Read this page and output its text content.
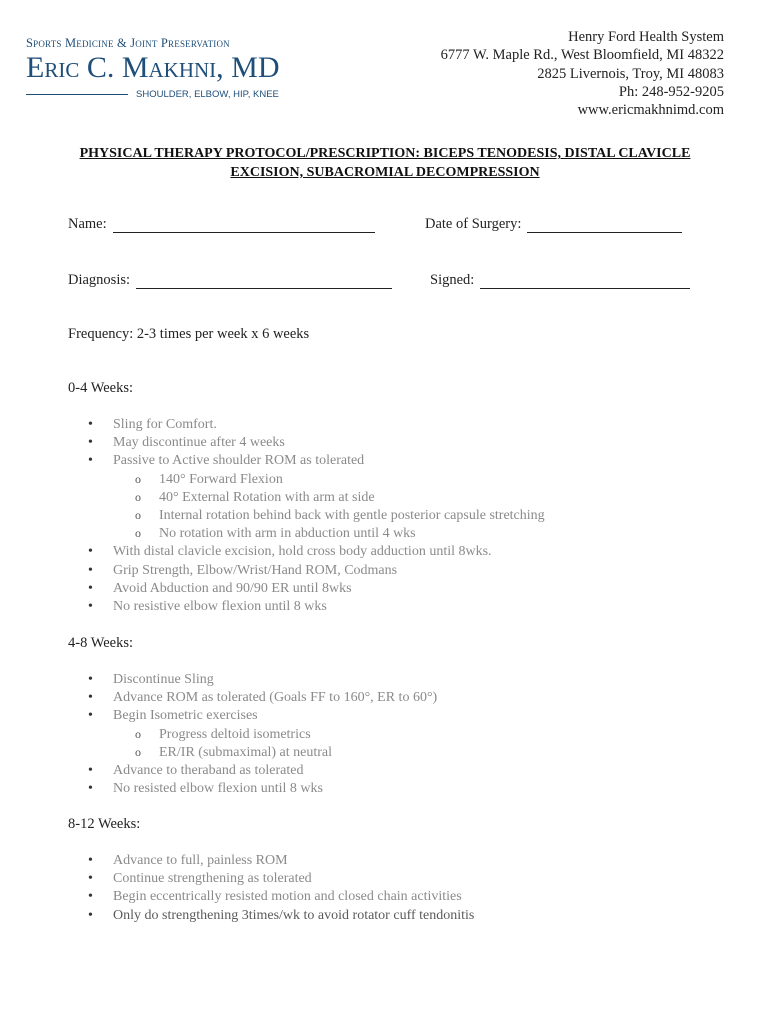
Sports Medicine & Joint Preservation
Eric C. Makhni, MD
SHOULDER, ELBOW, HIP, KNEE
Henry Ford Health System
6777 W. Maple Rd., West Bloomfield, MI 48322
2825 Livernois, Troy, MI 48083
Ph: 248-952-9205
www.ericmakhnimd.com
PHYSICAL THERAPY PROTOCOL/PRESCRIPTION: BICEPS TENODESIS, DISTAL CLAVICLE
EXCISION, SUBACROMIAL DECOMPRESSION
Name:	Date of Surgery:
Diagnosis:	Signed:
Frequency: 2-3 times per week x 6 weeks
0-4 Weeks:
• Sling for Comfort.
• May discontinue after 4 weeks
• Passive to Active shoulder ROM as tolerated
o 140° Forward Flexion
o 40° External Rotation with arm at side
o Internal rotation behind back with gentle posterior capsule stretching
o No rotation with arm in abduction until 4 wks
• With distal clavicle excision, hold cross body adduction until 8wks.
• Grip Strength, Elbow/Wrist/Hand ROM, Codmans
• Avoid Abduction and 90/90 ER until 8wks
• No resistive elbow flexion until 8 wks
4-8 Weeks:
• Discontinue Sling
• Advance ROM as tolerated (Goals FF to 160°, ER to 60°)
• Begin Isometric exercises
o Progress deltoid isometrics
o ER/IR (submaximal) at neutral
• Advance to theraband as tolerated
• No resisted elbow flexion until 8 wks
8-12 Weeks:
• Advance to full, painless ROM
• Continue strengthening as tolerated
• Begin eccentrically resisted motion and closed chain activities
• Only do strengthening 3times/wk to avoid rotator cuff tendonitis
